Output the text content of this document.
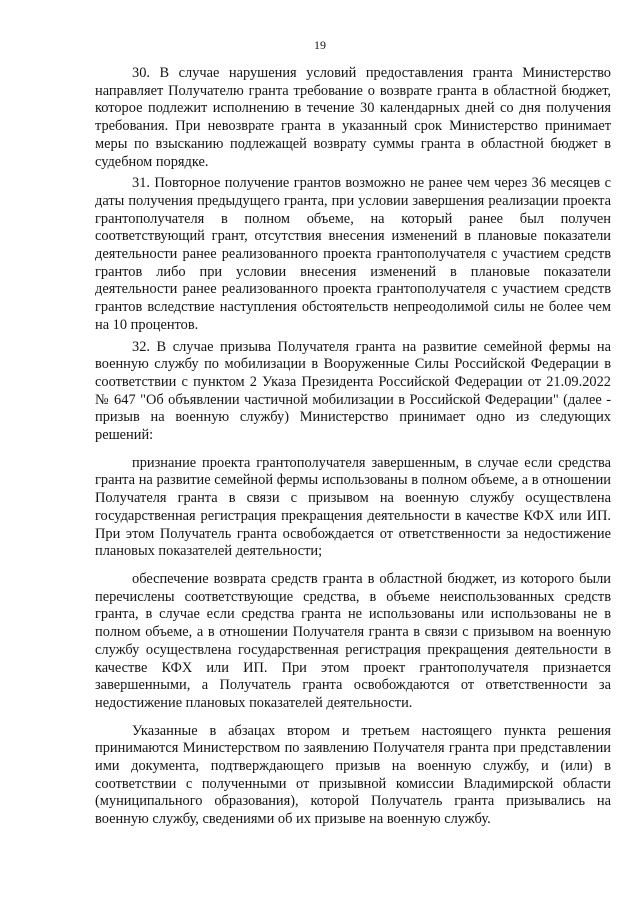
19

30. В случае нарушения условий предоставления гранта Министерство направляет Получателю гранта требование о возврате гранта в областной бюджет, которое подлежит исполнению в течение 30 календарных дней со дня получения требования. При невозврате гранта в указанный срок Министерство принимает меры по взысканию подлежащей возврату суммы гранта в областной бюджет в судебном порядке.

31. Повторное получение грантов возможно не ранее чем через 36 месяцев с даты получения предыдущего гранта, при условии завершения реализации проекта грантополучателя в полном объеме, на который ранее был получен соответствующий грант, отсутствия внесения изменений в плановые показатели деятельности ранее реализованного проекта грантополучателя с участием средств грантов либо при условии внесения изменений в плановые показатели деятельности ранее реализованного проекта грантополучателя с участием средств грантов вследствие наступления обстоятельств непреодолимой силы не более чем на 10 процентов.

32. В случае призыва Получателя гранта на развитие семейной фермы на военную службу по мобилизации в Вооруженные Силы Российской Федерации в соответствии с пунктом 2 Указа Президента Российской Федерации от 21.09.2022 № 647 "Об объявлении частичной мобилизации в Российской Федерации" (далее - призыв на военную службу) Министерство принимает одно из следующих решений:

признание проекта грантополучателя завершенным, в случае если средства гранта на развитие семейной фермы использованы в полном объеме, а в отношении Получателя гранта в связи с призывом на военную службу осуществлена государственная регистрация прекращения деятельности в качестве КФХ или ИП. При этом Получатель гранта освобождается от ответственности за недостижение плановых показателей деятельности;

обеспечение возврата средств гранта в областной бюджет, из которого были перечислены соответствующие средства, в объеме неиспользованных средств гранта, в случае если средства гранта не использованы или использованы не в полном объеме, а в отношении Получателя гранта в связи с призывом на военную службу осуществлена государственная регистрация прекращения деятельности в качестве КФХ или ИП. При этом проект грантополучателя признается завершенными, а Получатель гранта освобождаются от ответственности за недостижение плановых показателей деятельности.

Указанные в абзацах втором и третьем настоящего пункта решения принимаются Министерством по заявлению Получателя гранта при представлении ими документа, подтверждающего призыв на военную службу, и (или) в соответствии с полученными от призывной комиссии Владимирской области (муниципального образования), которой Получатель гранта призывались на военную службу, сведениями об их призыве на военную службу.
